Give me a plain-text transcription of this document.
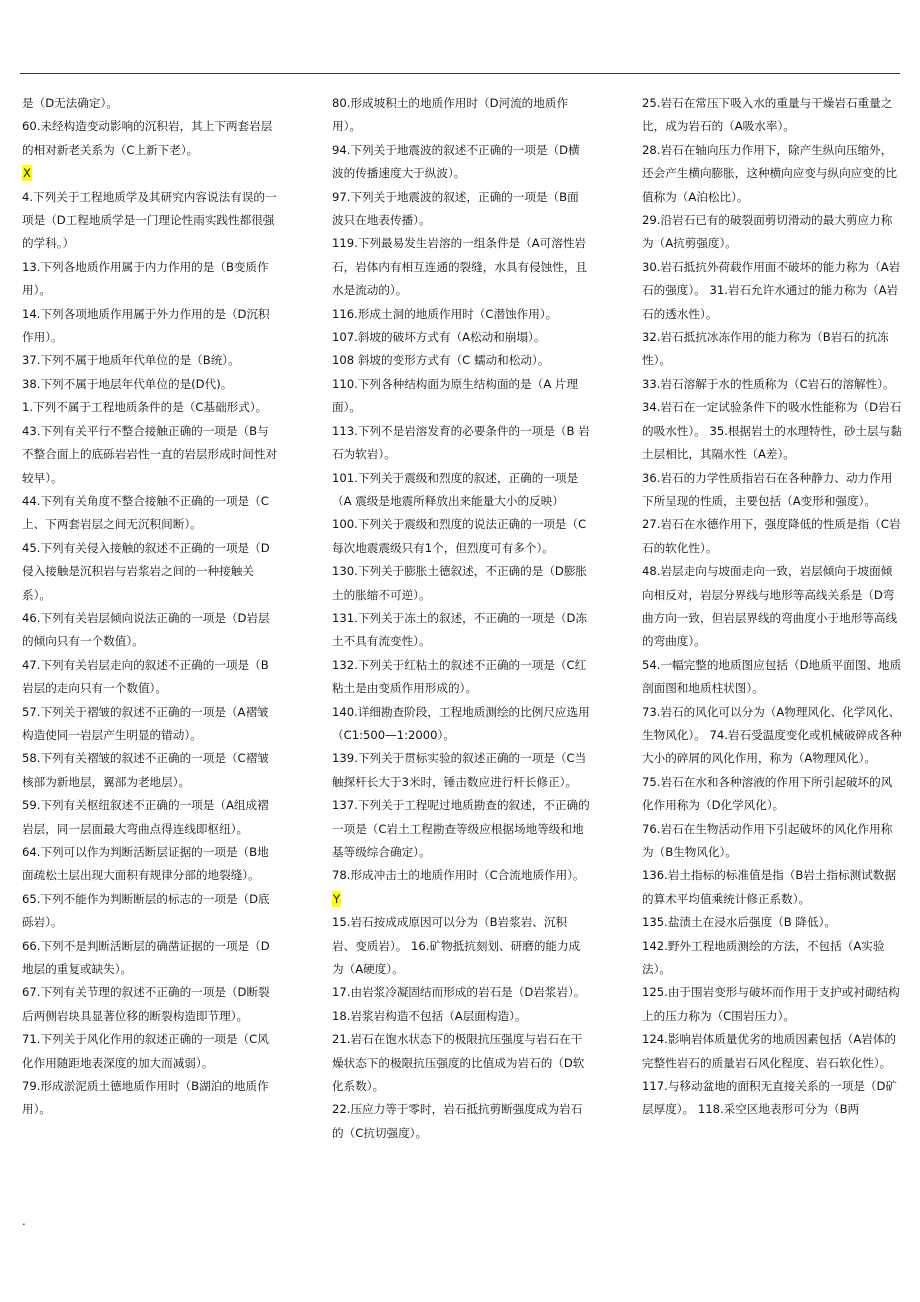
是（D无法确定）。

60.未经构造变动影响的沉积岩，其上下两套岩层的相对新老关系为（C上新下老）。

X

4.下列关于工程地质学及其研究内容说法有误的一项是（D工程地质学是一门理论性雨实践性都很强的学科。）

13.下列各地质作用属于内力作用的是（B变质作用）。

14.下列各项地质作用属于外力作用的是（D沉积作用）。

37.下列不属于地质年代单位的是（B统）。

38.下列不属于地层年代单位的是(D代)。

1.下列不属于工程地质条件的是（C基础形式）。

43.下列有关平行不整合接触正确的一项是（B与不整合面上的底砾岩岩性一直的岩层形成时间性对较早）。

44.下列有关角度不整合接触不正确的一项是（C上、下两套岩层之间无沉积间断）。

45.下列有关侵入接触的叙述不正确的一项是（D侵入接触是沉积岩与岩浆岩之间的一种接触关系）。

46.下列有关岩层倾向说法正确的一项是（D岩层的倾向只有一个数值）。

47.下列有关岩层走向的叙述不正确的一项是（B岩层的走向只有一个数值）。

57.下列关于褶皱的叙述不正确的一项是（A褶皱构造使同一岩层产生明显的错动）。

58.下列有关褶皱的叙述不正确的一项是（C褶皱核部为新地层，翼部为老地层）。

59.下列有关枢纽叙述不正确的一项是（A组成褶岩层，同一层面最大弯曲点得连线即枢纽）。

64.下列可以作为判断活断层证据的一项是（B地面疏松土层出现大面积有规律分部的地裂缝）。

65.下列不能作为判断断层的标志的一项是（D底砾岩）。

66.下列不是判断活断层的确凿证据的一项是（D地层的重复或缺失）。

67.下列有关节理的叙述不正确的一项是（D断裂后两侧岩块具显著位移的断裂构造即节理）。

71.下列关于风化作用的叙述正确的一项是（C风化作用随距地表深度的加大而减弱）。

79.形成淤泥质土德地质作用时（B湖泊的地质作用）。

80.形成坡积土的地质作用时（D河流的地质作用）。

94.下列关于地震波的叙述不正确的一项是（D横波的传播速度大于纵波）。

97.下列关于地震波的叙述，正确的一项是（B面波只在地表传播）。

119.下列最易发生岩溶的一组条件是（A可溶性岩石，岩体内有相互连通的裂缝，水具有侵蚀性，且水是流动的）。

116.形成土洞的地质作用时（C潜蚀作用）。

107.斜坡的破坏方式有（A松动和崩塌）。

108 斜坡的变形方式有（C 蠕动和松动）。

110.下列各种结构面为原生结构面的是（A 片理面）。

113.下列不是岩溶发育的必要条件的一项是（B 岩石为软岩）。

101.下列关于震级和烈度的叙述，正确的一项是（A 震级是地震所释放出来能量大小的反映）

100.下列关于震级和烈度的说法正确的一项是（C每次地震震级只有1个，但烈度可有多个）。

130.下列关于膨胀土德叙述，不正确的是（D膨胀土的胀缩不可逆）。

131.下列关于冻土的叙述，不正确的一项是（D冻土不具有流变性）。

132.下列关于红粘土的叙述不正确的一项是（C红粘土是由变质作用形成的）。

140.详细勘查阶段，工程地质测绘的比例尺应选用（C1:500—1:2000）。

139.下列关于贯标实验的叙述正确的一项是（C当触探杆长大于3米时，锤击数应进行杆长修正）。

137.下列关于工程呢过地质勘查的叙述，不正确的一项是（C岩土工程勘查等级应根据场地等级和地基等级综合确定）。

78.形成冲击土的地质作用时（C合流地质作用）。

Y

15.岩石按成成原因可以分为（B岩浆岩、沉积岩、变质岩）。 16.矿物抵抗刻划、研磨的能力成为（A硬度）。

17.由岩浆冷凝固结而形成的岩石是（D岩浆岩）。

18.岩浆岩构造不包括（A层面构造）。

21.岩石在饱水状态下的极限抗压强度与岩石在干燥状态下的极限抗压强度的比值成为岩石的（D软化系数）。

22.压应力等于零时，岩石抵抗剪断强度成为岩石的（C抗切强度）。

25.岩石在常压下吸入水的重量与干燥岩石重量之比，成为岩石的（A吸水率）。

28.岩石在轴向压力作用下，除产生纵向压缩外，还会产生横向膨胀，这种横向应变与纵向应变的比值称为（A泊松比）。

29.沿岩石已有的破裂面剪切滑动的最大剪应力称为（A抗剪强度）。

30.岩石抵抗外荷载作用面不破坏的能力称为（A岩石的强度）。 31.岩石允许水通过的能力称为（A岩石的透水性）。

32.岩石抵抗冰冻作用的能力称为（B岩石的抗冻性）。

33.岩石溶解于水的性质称为（C岩石的溶解性）。

34.岩石在一定试验条件下的吸水性能称为（D岩石的吸水性）。 35.根据岩土的水理特性，砂土层与黏土层相比，其隔水性（A差）。

36.岩石的力学性质指岩石在各种静力、动力作用下所呈现的性质，主要包括（A变形和强度）。

27.岩石在水德作用下，强度降低的性质是指（C岩石的软化性）。

48.岩层走向与坡面走向一致，岩层倾向于坡面倾向相反对，岩层分界线与地形等高线关系是（D弯曲方向一致，但岩层界线的弯曲度小于地形等高线的弯曲度）。

54.一幅完整的地质图应包括（D地质平面图、地质剖面图和地质柱状图）。

73.岩石的风化可以分为（A物理风化、化学风化、生物风化）。 74.岩石受温度变化或机械破碎成各种大小的碎屑的风化作用，称为（A物理风化）。

75.岩石在水和各种溶液的作用下所引起破坏的风化作用称为（D化学风化）。

76.岩石在生物活动作用下引起破坏的风化作用称为（B生物风化）。

136.岩土指标的标准值是指（B岩土指标测试数据的算术平均值乘统计修正系数）。

135.盐渍土在浸水后强度（B 降低）。

142.野外工程地质测绘的方法，不包括（A实验法）。

125.由于围岩变形与破坏而作用于支护或衬砌结构上的压力称为（C围岩压力）。

124.影响岩体质量优劣的地质因素包括（A岩体的完整性岩石的质量岩石风化程度、岩石软化性）。

117.与移动盆地的面积无直接关系的一项是（D矿层厚度）。 118.采空区地表形可分为（B两

.
